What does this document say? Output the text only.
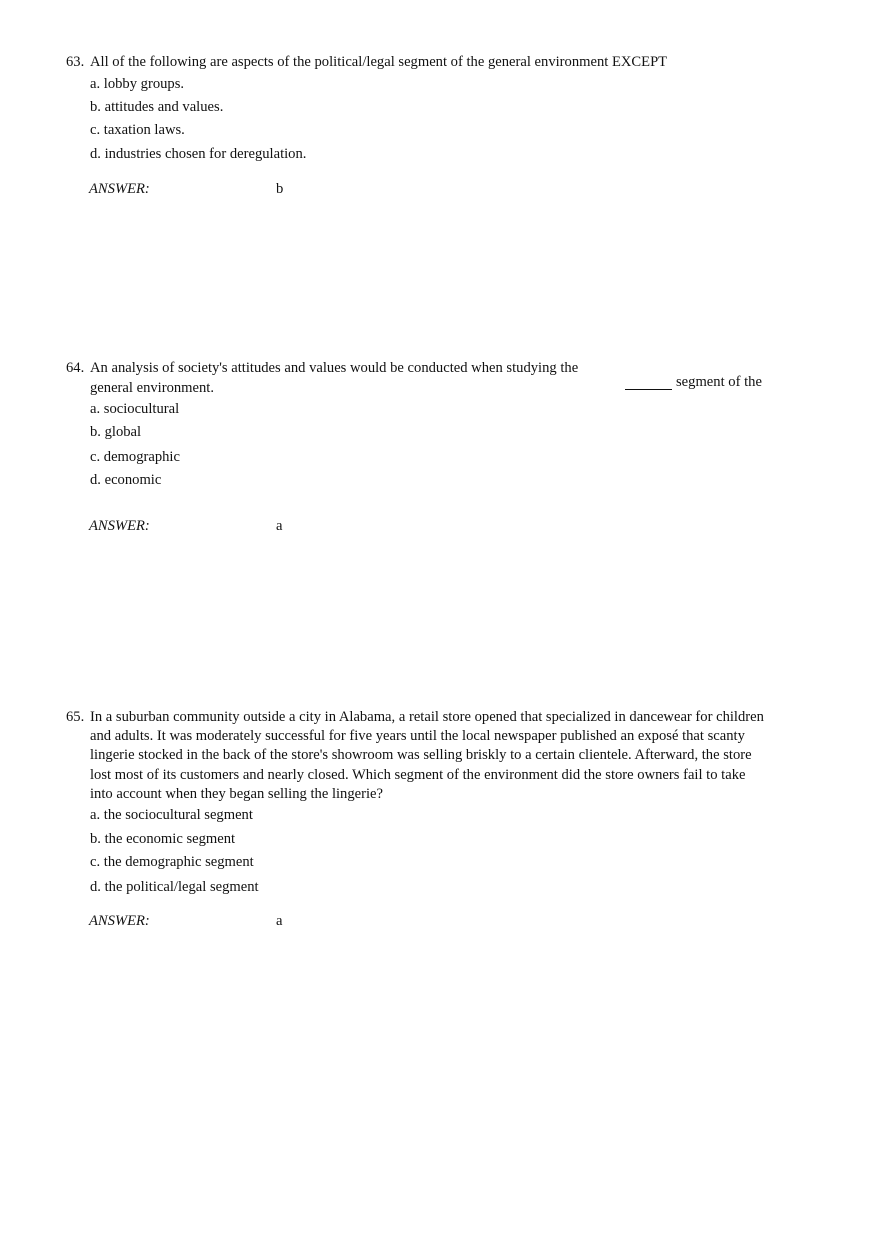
63. All of the following are aspects of the political/legal segment of the general environment EXCEPT
a. lobby groups.
b. attitudes and values.
c. taxation laws.
d. industries chosen for deregulation.
ANSWER:	b
64. An analysis of society's attitudes and values would be conducted when studying the
general environment.	segment of the
a. sociocultural
b. global
c. demographic
d. economic
ANSWER:	a
65. In a suburban community outside a city in Alabama, a retail store opened that specialized in dancewear for children
and adults. It was moderately successful for five years until the local newspaper published an exposé that scanty
lingerie stocked in the back of the store's showroom was selling briskly to a certain clientele. Afterward, the store
lost most of its customers and nearly closed. Which segment of the environment did the store owners fail to take
into account when they began selling the lingerie?
a. the sociocultural segment
b. the economic segment
c. the demographic segment
d. the political/legal segment
ANSWER:	a
